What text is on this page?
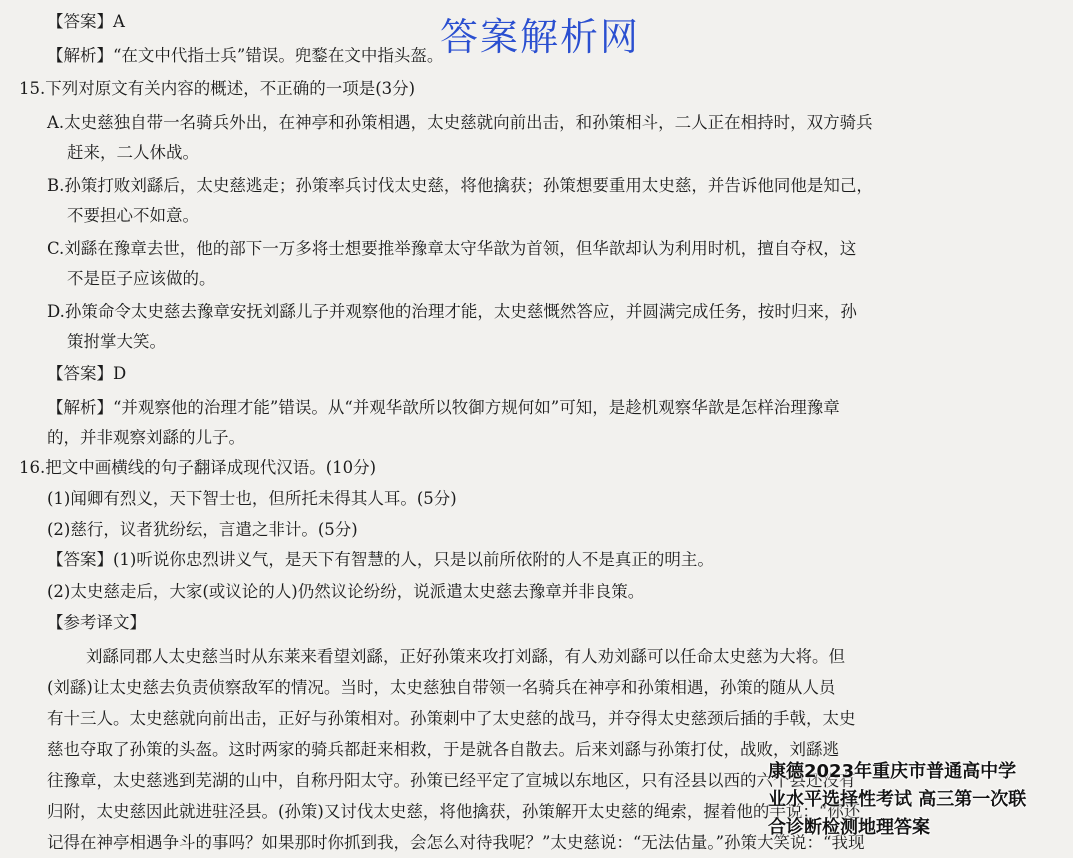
【答案】A
【解析】“在文中代指士兵”错误。兜鍪在文中指头盔。
15.下列对原文有关内容的概述，不正确的一项是(3分)
A.太史慈独自带一名骑兵外出，在神亭和孙策相遇，太史慈就向前出击，和孙策相斗，二人正在相持时，双方骑兵
赶来，二人休战。
B.孙策打败刘繇后，太史慈逃走；孙策率兵讨伐太史慈，将他擒获；孙策想要重用太史慈，并告诉他同他是知己，
不要担心不如意。
C.刘繇在豫章去世，他的部下一万多将士想要推举豫章太守华歆为首领，但华歆却认为利用时机，擅自夺权，这
不是臣子应该做的。
D.孙策命令太史慈去豫章安抚刘繇儿子并观察他的治理才能，太史慈慨然答应，并圆满完成任务，按时归来，孙
策拊掌大笑。
【答案】D
【解析】“并观察他的治理才能”错误。从“并观华歆所以牧御方规何如”可知，是趁机观察华歆是怎样治理豫章
的，并非观察刘繇的儿子。
16.把文中画横线的句子翻译成现代汉语。(10分)
(1)闻卿有烈义，天下智士也，但所托未得其人耳。(5分)
(2)慈行，议者犹纷纭，言遣之非计。(5分)
【答案】(1)听说你忠烈讲义气，是天下有智慧的人，只是以前所依附的人不是真正的明主。
(2)太史慈走后，大家(或议论的人)仍然议论纷纷，说派遣太史慈去豫章并非良策。
【参考译文】
刘繇同郡人太史慈当时从东莱来看望刘繇，正好孙策来攻打刘繇，有人劝刘繇可以任命太史慈为大将。但
(刘繇)让太史慈去负责侦察敌军的情况。当时，太史慈独自带领一名骑兵在神亭和孙策相遇，孙策的随从人员
有十三人。太史慈就向前出击，正好与孙策相对。孙策刺中了太史慈的战马，并夺得太史慈颈后插的手戟，太史
慈也夺取了孙策的头盔。这时两家的骑兵都赶来相救，于是就各自散去。后来刘繇与孙策打仗，战败，刘繇逃
往豫章，太史慈逃到芜湖的山中，自称丹阳太守。孙策已经平定了宣城以东地区，只有泾县以西的六个县还没有
归附，太史慈因此就进驻泾县。(孙策)又讨伐太史慈，将他擒获，孙策解开太史慈的绳索，握着他的手说：“你还
记得在神亭相遇争斗的事吗？如果那时你抓到我，会怎么对待我呢？”太史慈说：“无法估量。”孙策大笑说：“我现
答案解析网
康德2023年重庆市普通高中学
业水平选择性考试 高三第一次联
合诊断检测地理答案
